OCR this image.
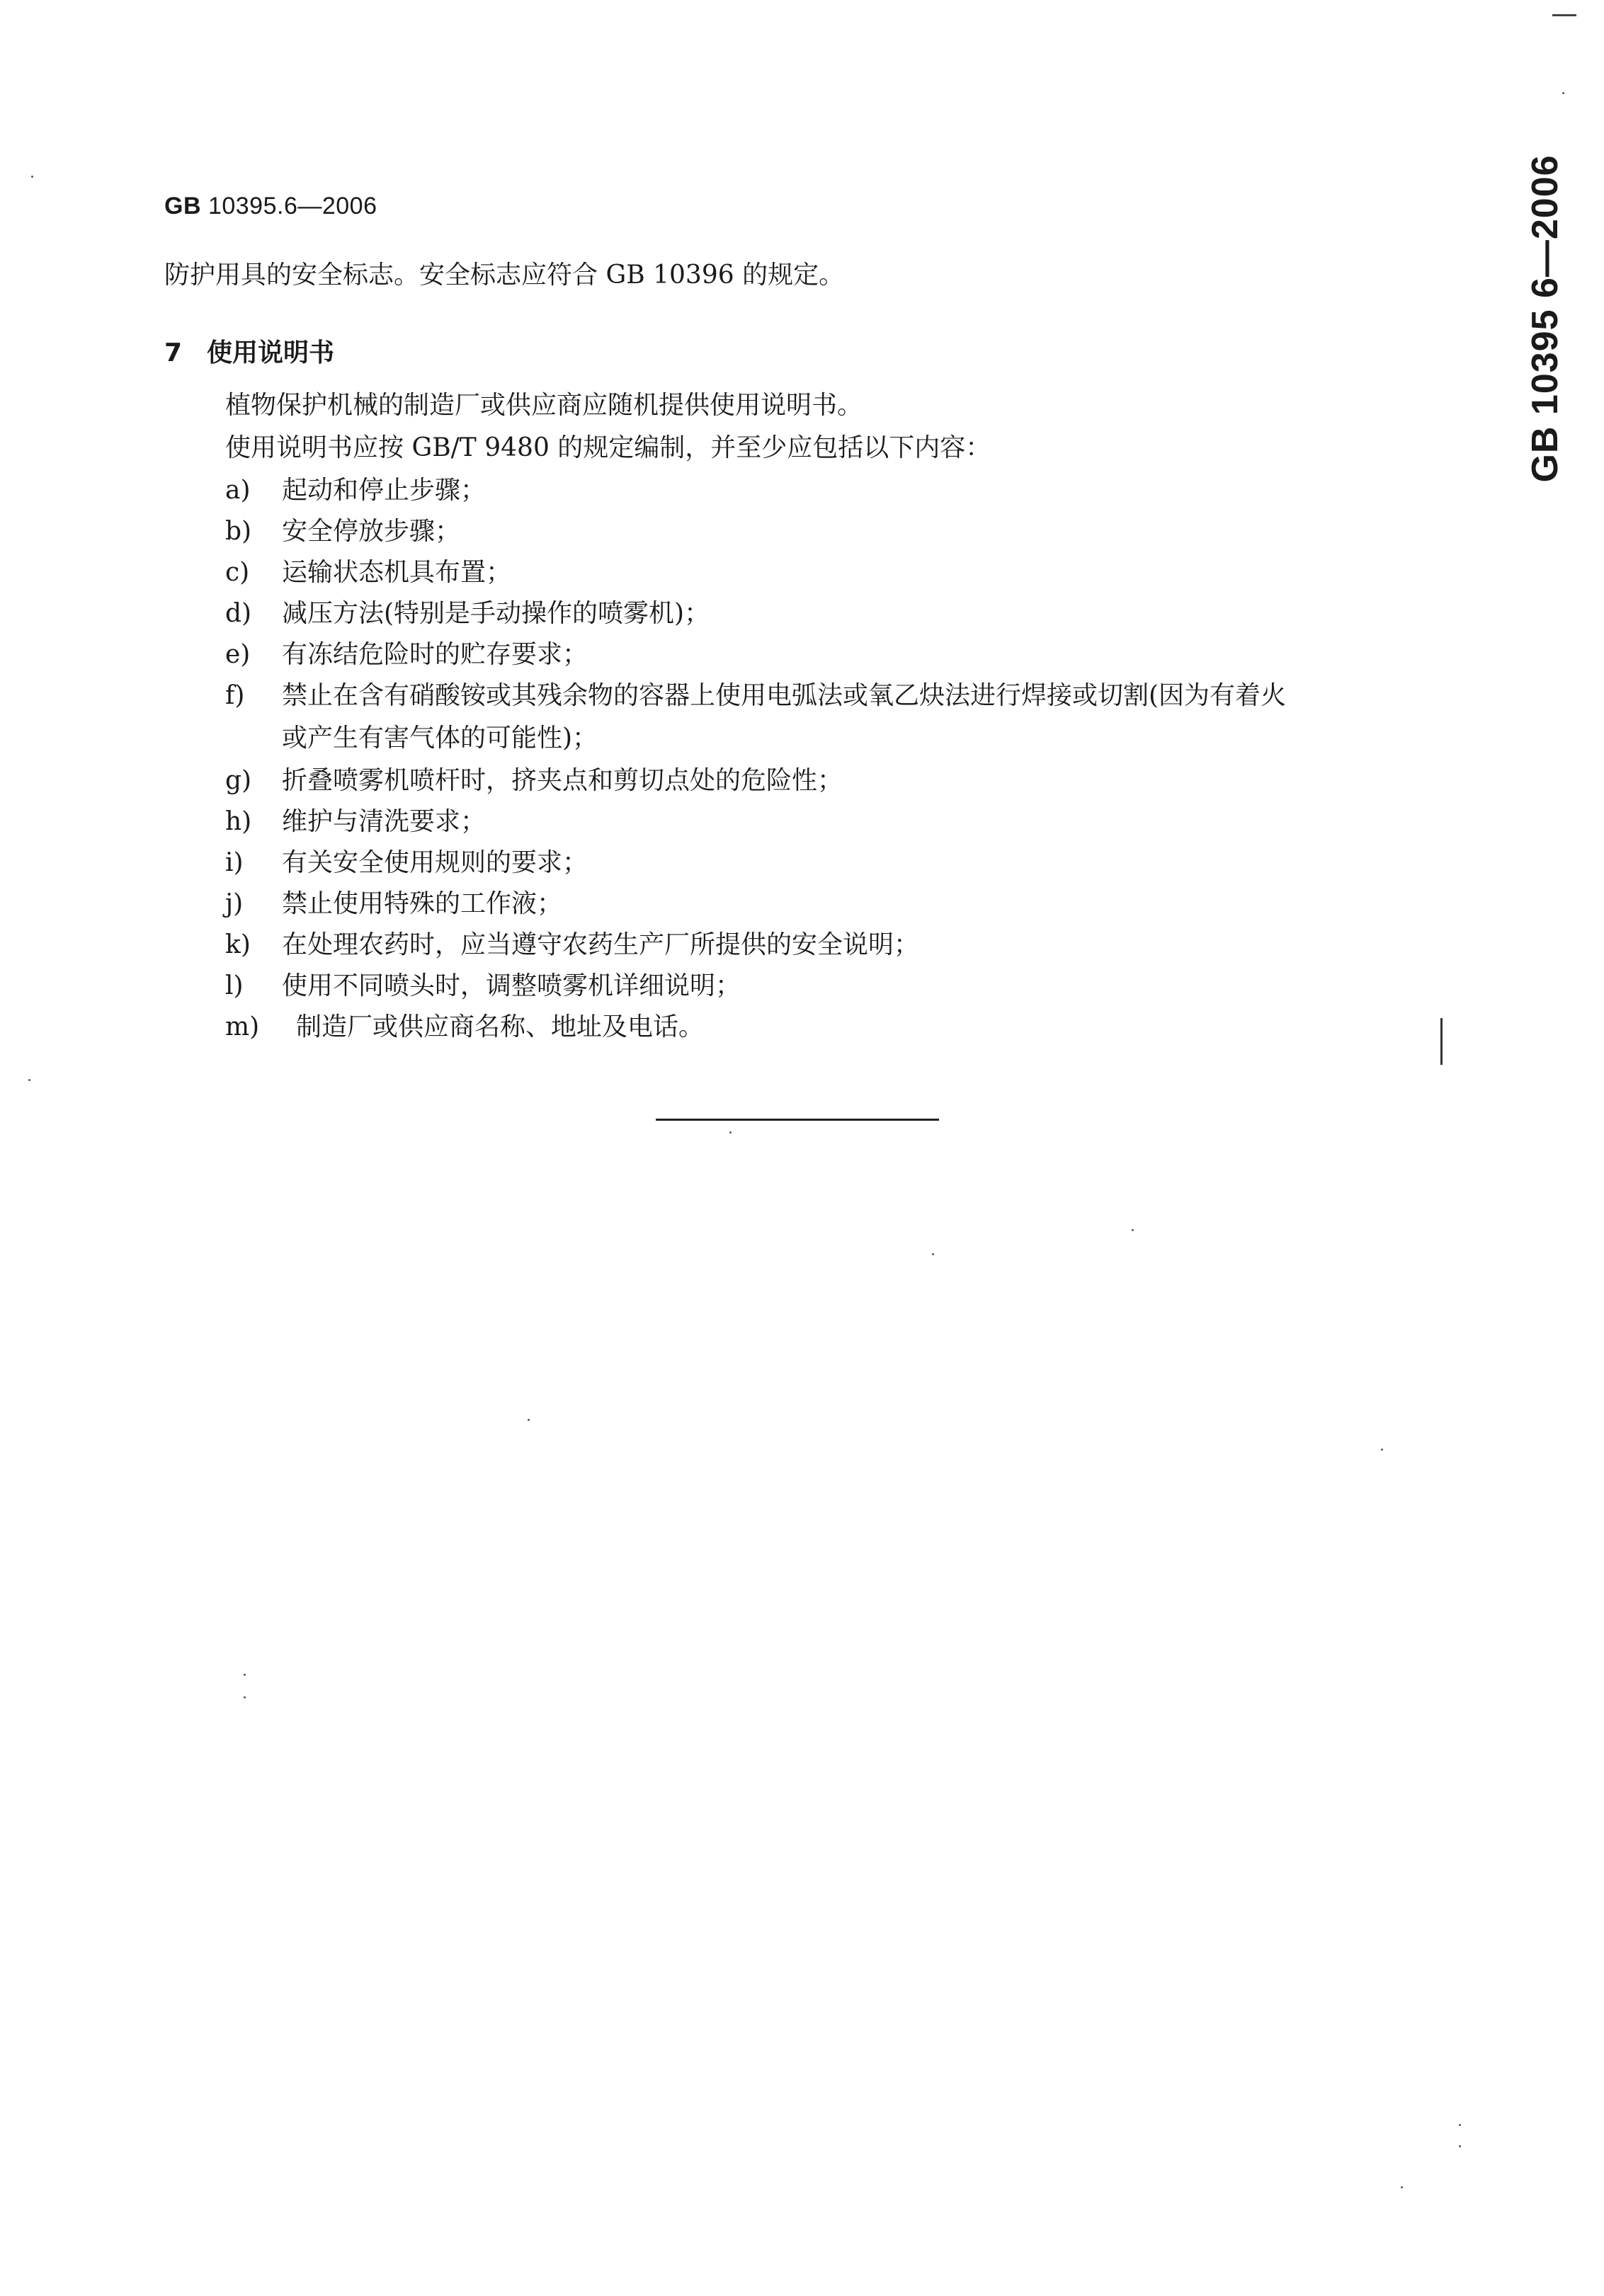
GB 10395.6—2006	GB 10395 6—2006
防护用具的安全标志。安全标志应符合 GB 10396 的规定。
7 使用说明书
植物保护机械的制造厂或供应商应随机提供使用说明书。
使用说明书应按 GB/T 9480 的规定编制，并至少应包括以下内容：
a) 起动和停止步骤；
b) 安全停放步骤；
c) 运输状态机具布置；
d) 减压方法(特别是手动操作的喷雾机)；
e) 有冻结危险时的贮存要求；
f) 禁止在含有硝酸铵或其残余物的容器上使用电弧法或氧乙炔法进行焊接或切割(因为有着火
或产生有害气体的可能性)；
g) 折叠喷雾机喷杆时，挤夹点和剪切点处的危险性；
h) 维护与清洗要求；
i) 有关安全使用规则的要求；
j) 禁止使用特殊的工作液；
k) 在处理农药时，应当遵守农药生产厂所提供的安全说明；
l) 使用不同喷头时，调整喷雾机详细说明；
m) 制造厂或供应商名称、地址及电话。
